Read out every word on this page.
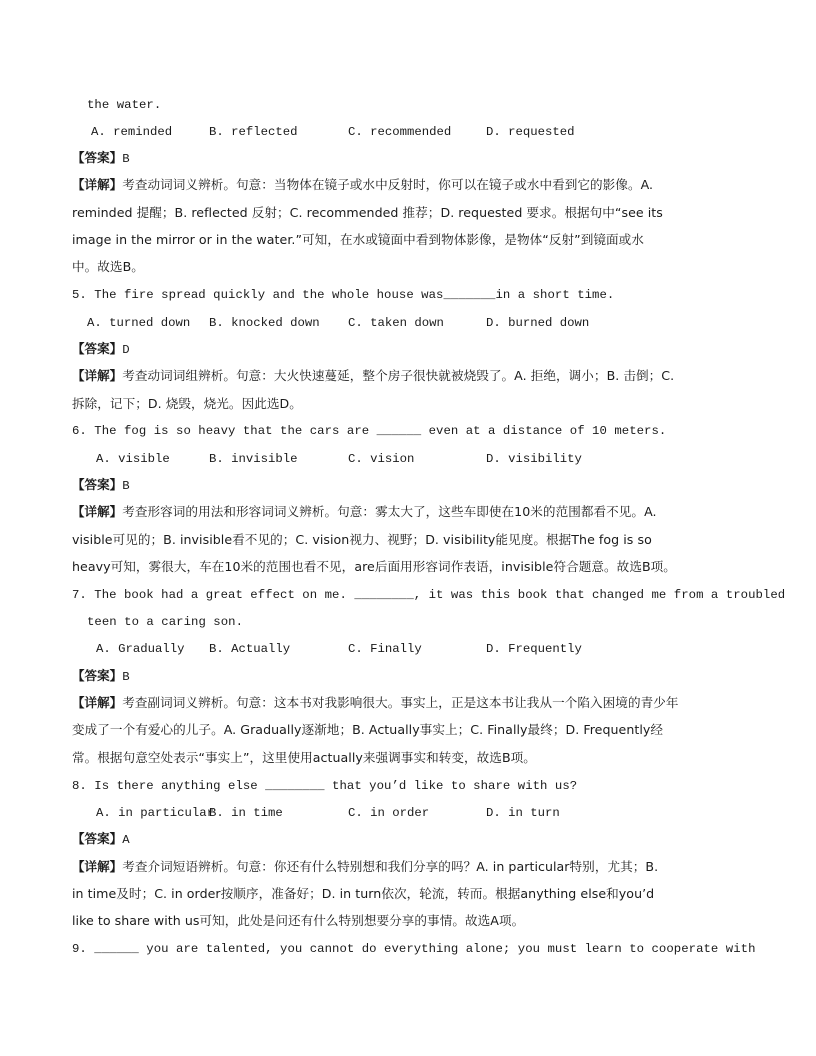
the water.
A. reminded	B. reflected	C. recommended	D. requested
【答案】B
【详解】考查动词词义辨析。句意：当物体在镜子或水中反射时，你可以在镜子或水中看到它的影像。A.
reminded 提醒；B. reflected 反射；C. recommended 推荐；D. requested 要求。根据句中“see its
image in the mirror or in the water.”可知，在水或镜面中看到物体影像，是物体“反射”到镜面或水
中。故选B。
5. The fire spread quickly and the whole house was_______in a short time.
A. turned down B. knocked down C. taken down	D. burned down
【答案】D
【详解】考查动词词组辨析。句意：大火快速蔓延，整个房子很快就被烧毁了。A. 拒绝，调小；B. 击倒；C.
拆除，记下；D. 烧毁，烧光。因此选D。
6. The fog is so heavy that the cars are ______ even at a distance of 10 meters.
A. visible	B. invisible	C. vision	D. visibility
【答案】B
【详解】考查形容词的用法和形容词词义辨析。句意：雾太大了，这些车即使在10米的范围都看不见。A.
visible可见的；B. invisible看不见的；C. vision视力、视野；D. visibility能见度。根据The fog is so
heavy可知，雾很大，车在10米的范围也看不见，are后面用形容词作表语，invisible符合题意。故选B项。
7. The book had a great effect on me. ________, it was this book that changed me from a troubled
teen to a caring son.
A. Gradually B. Actually	C. Finally	D. Frequently
【答案】B
【详解】考查副词词义辨析。句意：这本书对我影响很大。事实上，正是这本书让我从一个陷入困境的青少年
变成了一个有爱心的儿子。A. Gradually逐渐地；B. Actually事实上；C. Finally最终；D. Frequently经
常。根据句意空处表示“事实上”，这里使用actually来强调事实和转变，故选B项。
8. Is there anything else ________ that you’d like to share with us?
A. in particular
B. in time	C. in order	D. in turn
【答案】A
【详解】考查介词短语辨析。句意：你还有什么特别想和我们分享的吗？A. in particular特别，尤其；B.
in time及时；C. in order按顺序，准备好；D. in turn依次，轮流，转而。根据anything else和you’d
like to share with us可知，此处是问还有什么特别想要分享的事情。故选A项。
9. ______ you are talented, you cannot do everything alone; you must learn to cooperate with
